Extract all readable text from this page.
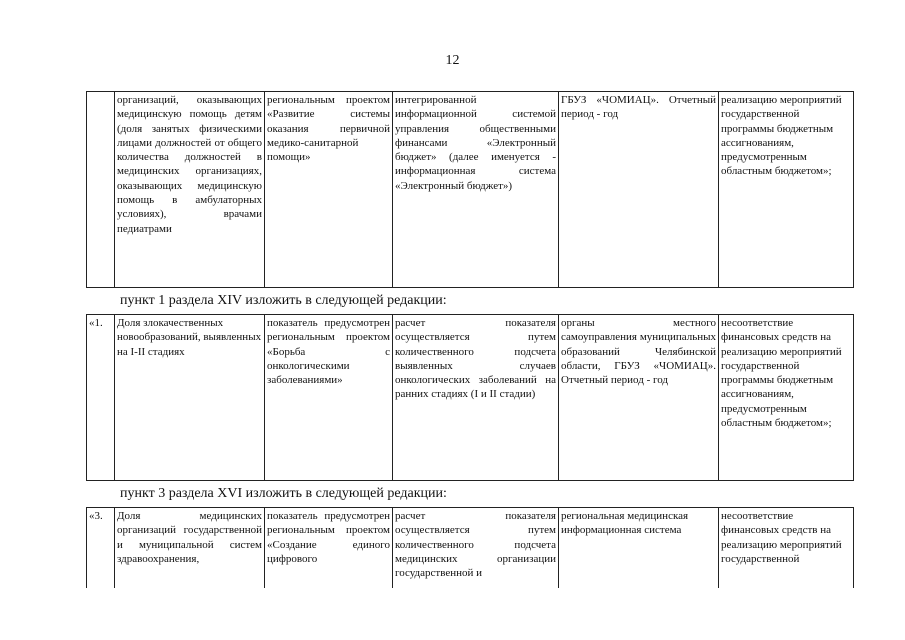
12
	организаций, оказывающих медицинскую помощь детям (доля занятых физическими лицами должностей от общего количества должностей в медицинских организациях, оказывающих медицинскую помощь в амбулаторных условиях), врачами педиатрами	региональным проектом «Развитие системы оказания первичной медико-санитарной помощи»	интегрированной информационной системой управления общественными финансами «Электронный бюджет» (далее именуется - информационная система «Электронный бюджет»)	ГБУЗ «ЧОМИАЦ». Отчетный период - год	реализацию мероприятий государственной программы бюджетным ассигнованиям, предусмотренным областным бюджетом»;
пункт 1 раздела XIV изложить в следующей редакции:
«1.	Доля злокачественных новообразований, выявленных на I-II стадиях	показатель предусмотрен региональным проектом «Борьба с онкологическими заболеваниями»	расчет показателя осуществляется путем количественного подсчета выявленных случаев онкологических заболеваний на ранних стадиях (I и II стадии)	органы местного самоуправления муниципальных образований Челябинской области, ГБУЗ «ЧОМИАЦ». Отчетный период - год	несоответствие финансовых средств на реализацию мероприятий государственной программы бюджетным ассигнованиям, предусмотренным областным бюджетом»;
пункт 3 раздела XVI изложить в следующей редакции:
«3.	Доля медицинских организаций государственной и муниципальной систем здравоохранения,	показатель предусмотрен региональным проектом «Создание единого цифрового	расчет показателя осуществляется путем количественного подсчета медицинских организации государственной и	региональная медицинская информационная система	несоответствие финансовых средств на реализацию мероприятий государственной
